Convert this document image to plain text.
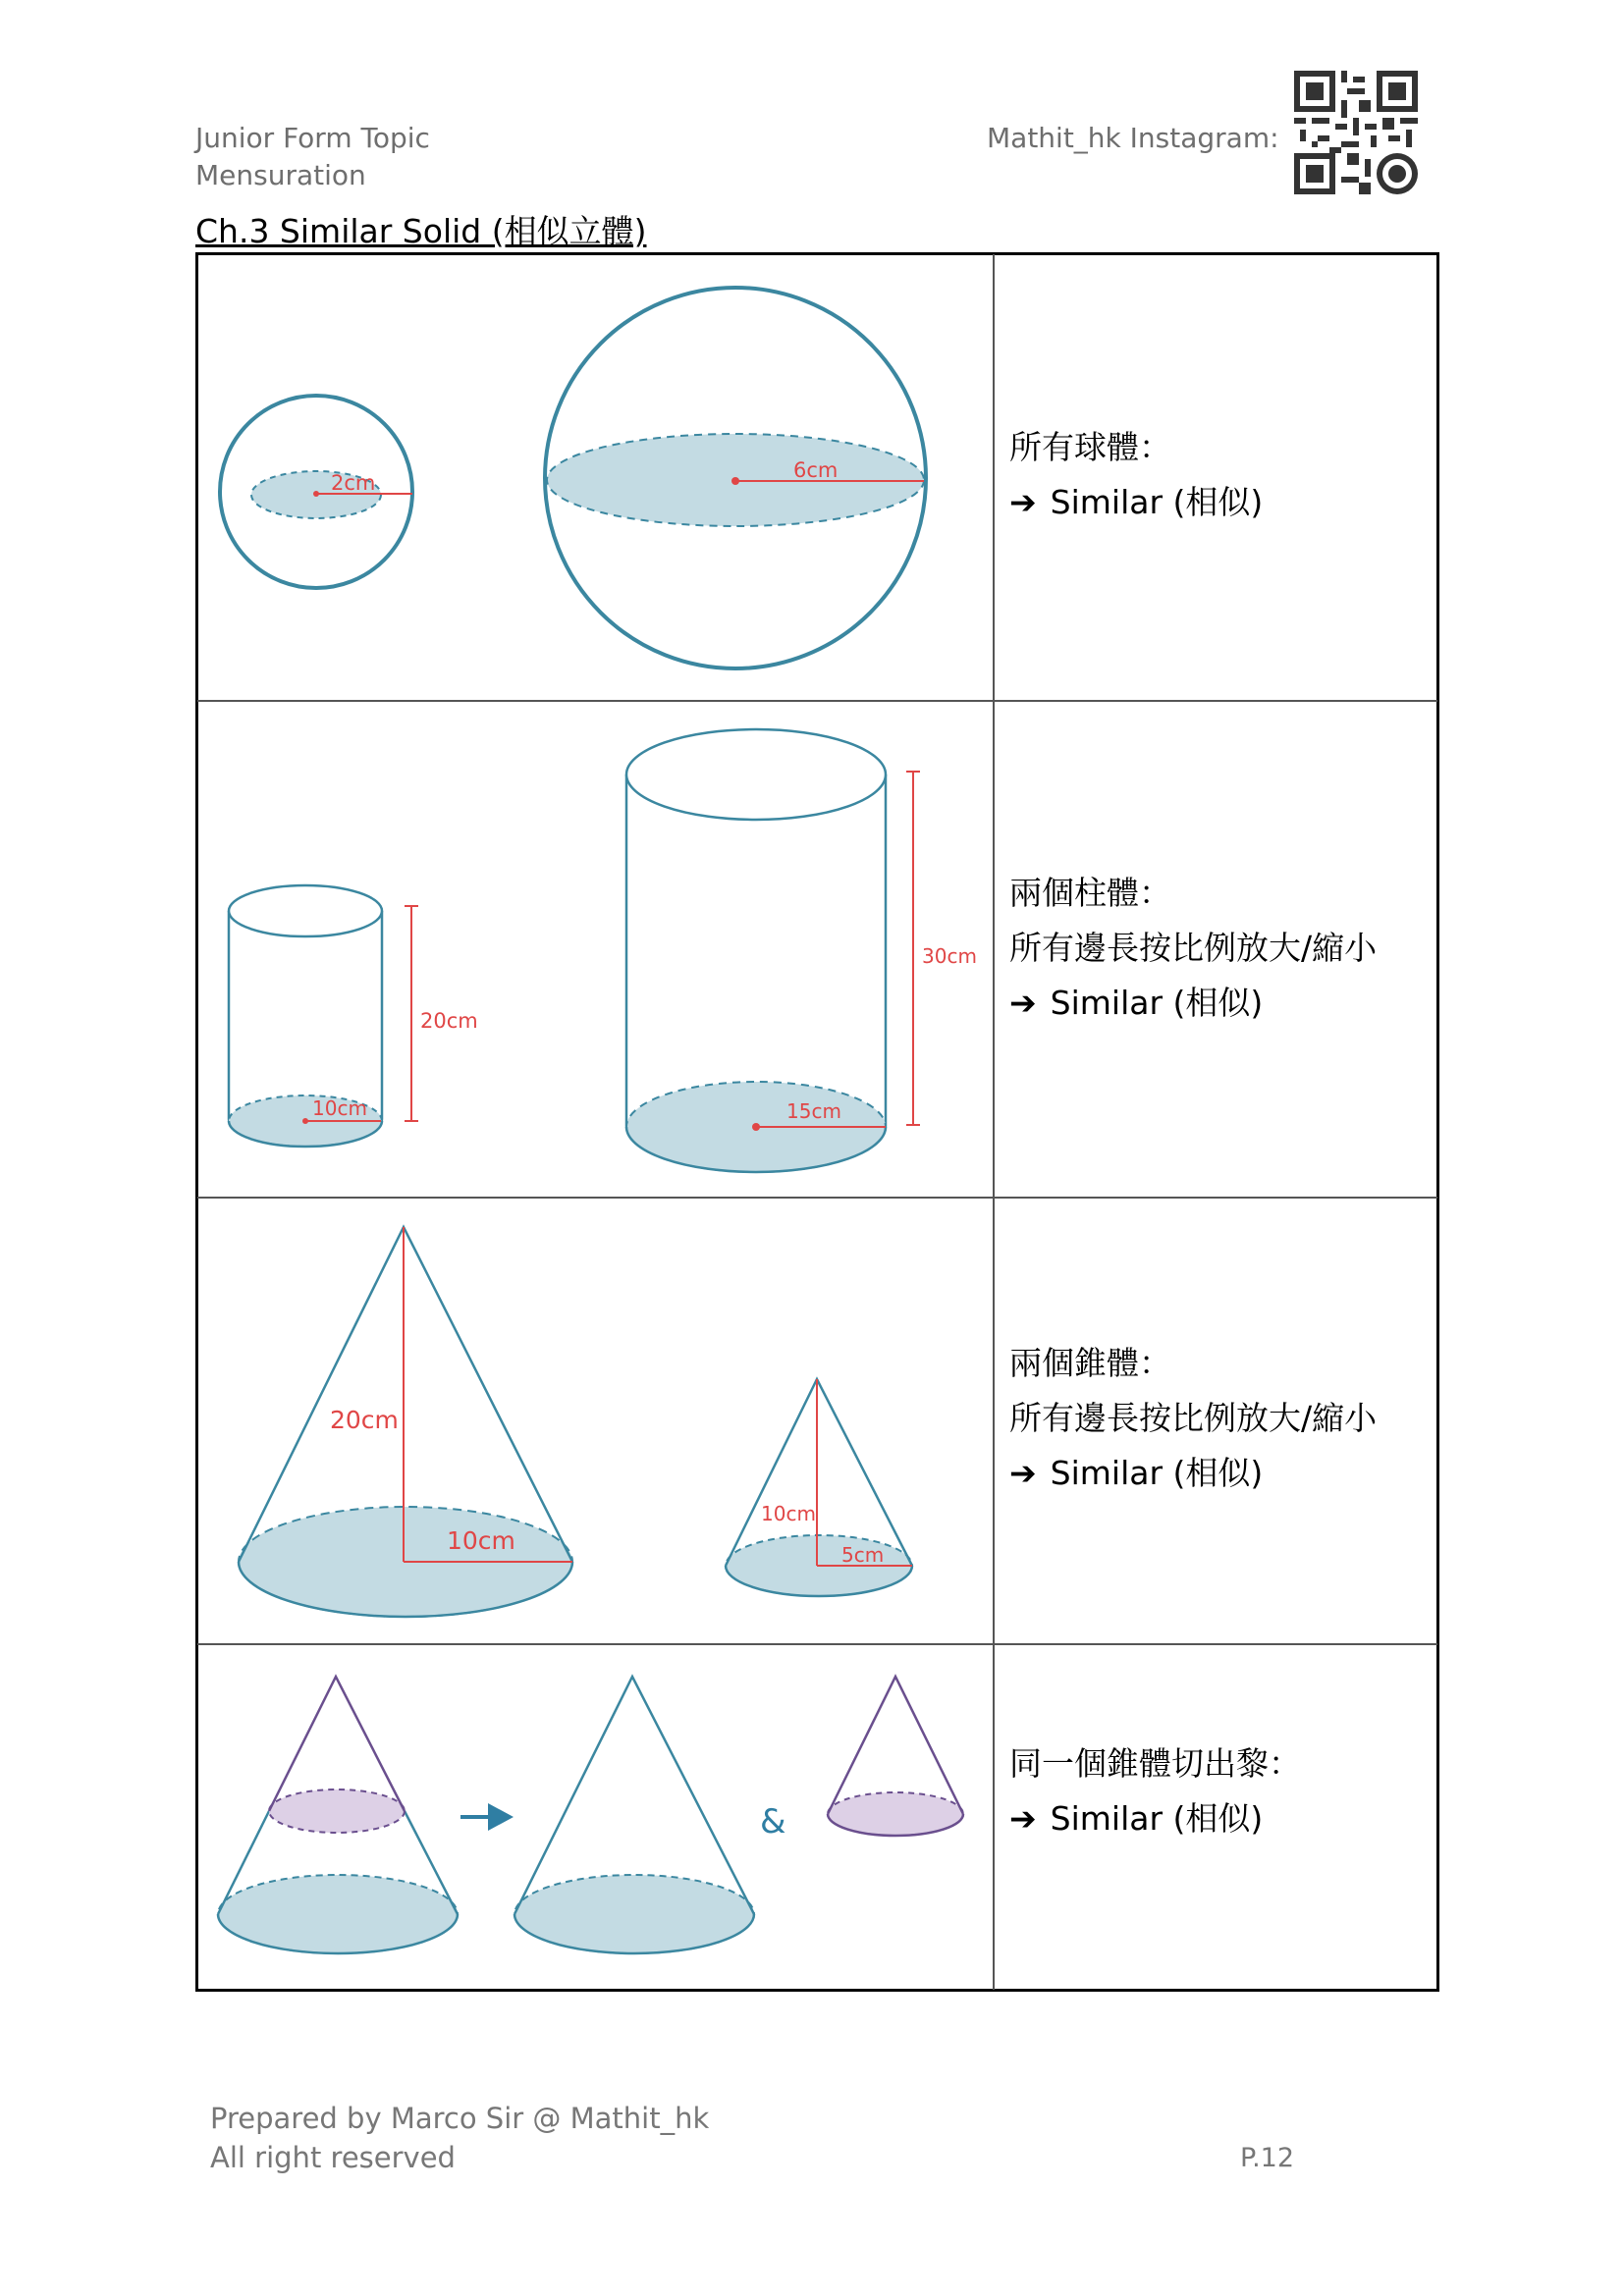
Junior Form Topic
Mensuration
Mathit_hk Instagram:
Ch.3 Similar Solid (相似立體)
2cm
6cm
所有球體：
➔ Similar (相似)
10cm
20cm
15cm
30cm
兩個柱體：
所有邊長按比例放大/縮小
➔ Similar (相似)
20cm
10cm
10cm
5cm
兩個錐體：
所有邊長按比例放大/縮小
➔ Similar (相似)
&
同一個錐體切出黎：
➔ Similar (相似)
Prepared by Marco Sir @ Mathit_hk
All right reserved	P.12
